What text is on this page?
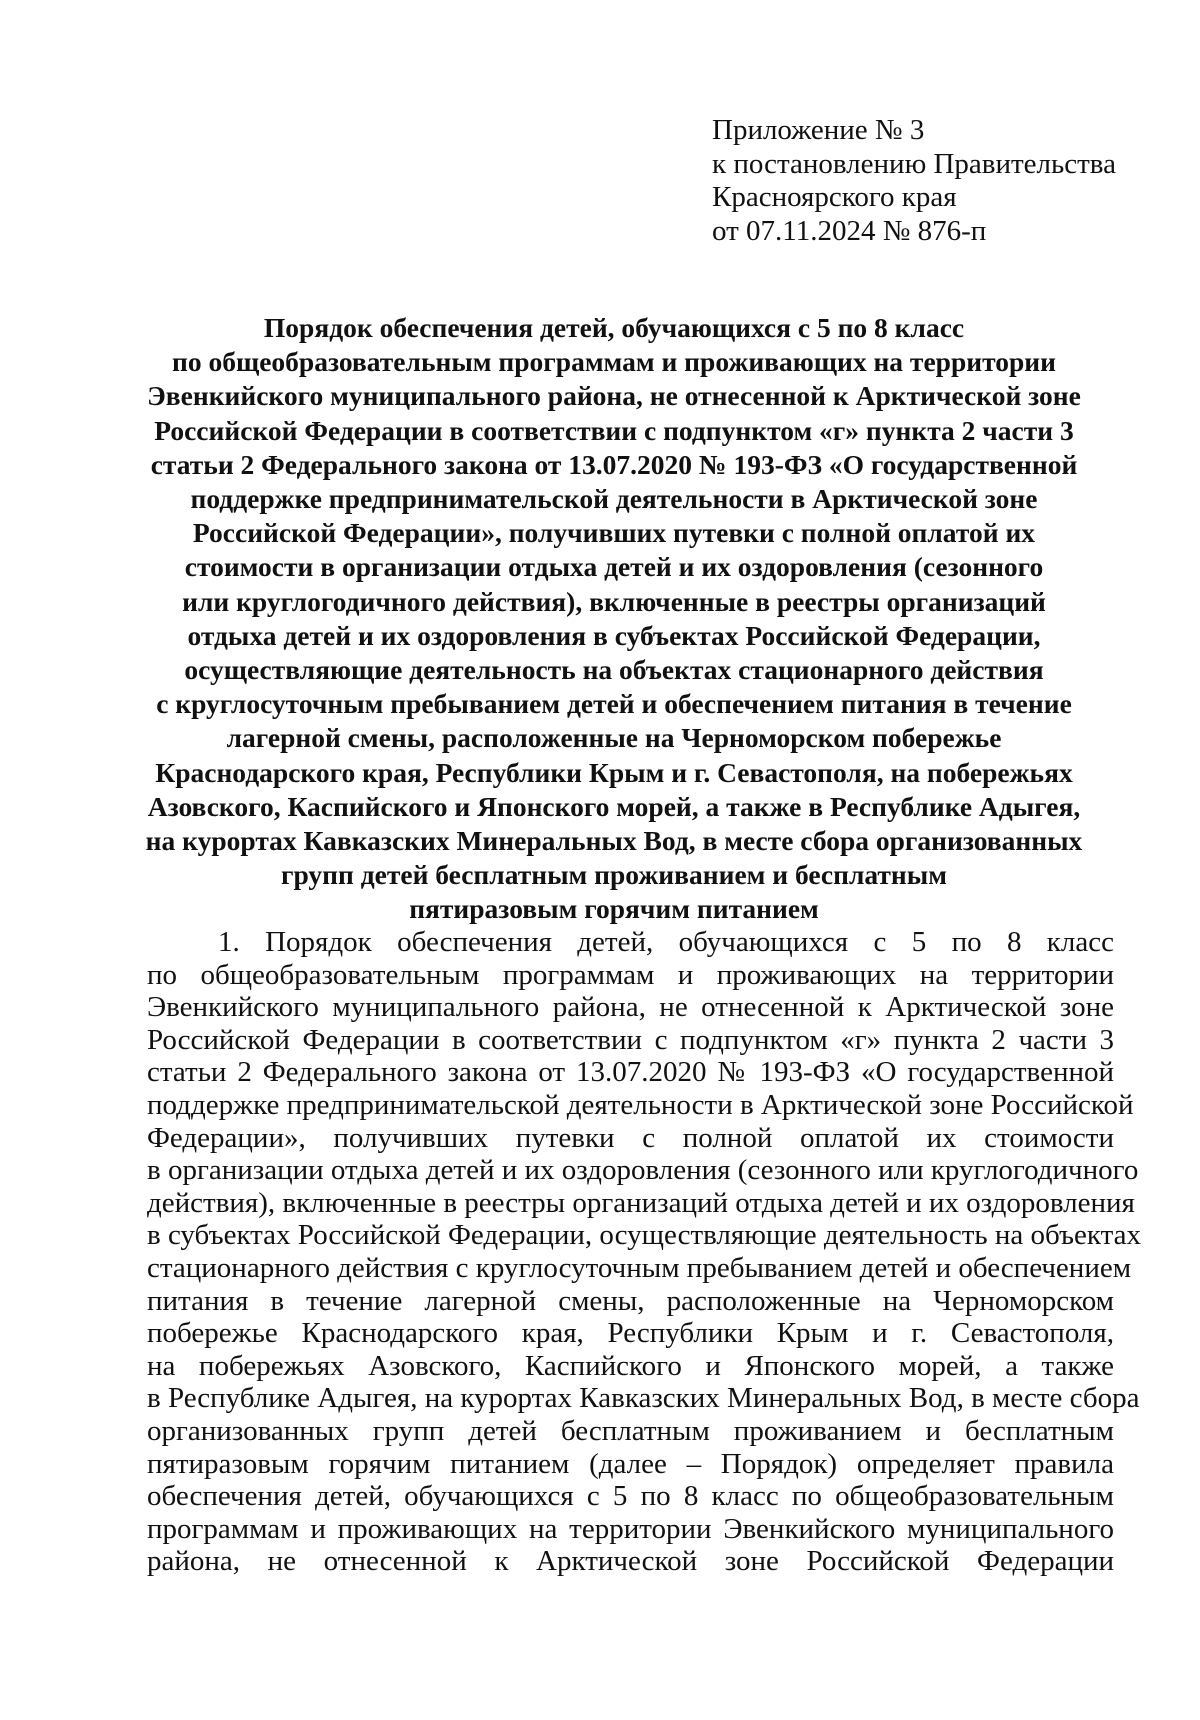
Приложение № 3
к постановлению Правительства
Красноярского края
от 07.11.2024 № 876-п
Порядок обеспечения детей, обучающихся с 5 по 8 класс
по общеобразовательным программам и проживающих на территории
Эвенкийского муниципального района, не отнесенной к Арктической зоне
Российской Федерации в соответствии с подпунктом «г» пункта 2 части 3
статьи 2 Федерального закона от 13.07.2020 № 193-ФЗ «О государственной
поддержке предпринимательской деятельности в Арктической зоне
Российской Федерации», получивших путевки с полной оплатой их
стоимости в организации отдыха детей и их оздоровления (сезонного
или круглогодичного действия), включенные в реестры организаций
отдыха детей и их оздоровления в субъектах Российской Федерации,
осуществляющие деятельность на объектах стационарного действия
с круглосуточным пребыванием детей и обеспечением питания в течение
лагерной смены, расположенные на Черноморском побережье
Краснодарского края, Республики Крым и г. Севастополя, на побережьях
Азовского, Каспийского и Японского морей, а также в Республике Адыгея,
на курортах Кавказских Минеральных Вод, в месте сбора организованных
групп детей бесплатным проживанием и бесплатным
пятиразовым горячим питанием
1. Порядок обеспечения детей, обучающихся с 5 по 8 класс
по общеобразовательным программам и проживающих на территории
Эвенкийского муниципального района, не отнесенной к Арктической зоне
Российской Федерации в соответствии с подпунктом «г» пункта 2 части 3
статьи 2 Федерального закона от 13.07.2020 № 193-ФЗ «О государственной
поддержке предпринимательской деятельности в Арктической зоне Российской
Федерации», получивших путевки с полной оплатой их стоимости
в организации отдыха детей и их оздоровления (сезонного или круглогодичного
действия), включенные в реестры организаций отдыха детей и их оздоровления
в субъектах Российской Федерации, осуществляющие деятельность на объектах
стационарного действия с круглосуточным пребыванием детей и обеспечением
питания в течение лагерной смены, расположенные на Черноморском
побережье Краснодарского края, Республики Крым и г. Севастополя,
на побережьях Азовского, Каспийского и Японского морей, а также
в Республике Адыгея, на курортах Кавказских Минеральных Вод, в месте сбора
организованных групп детей бесплатным проживанием и бесплатным
пятиразовым горячим питанием (далее – Порядок) определяет правила
обеспечения детей, обучающихся с 5 по 8 класс по общеобразовательным
программам и проживающих на территории Эвенкийского муниципального
района, не отнесенной к Арктической зоне Российской Федерации
